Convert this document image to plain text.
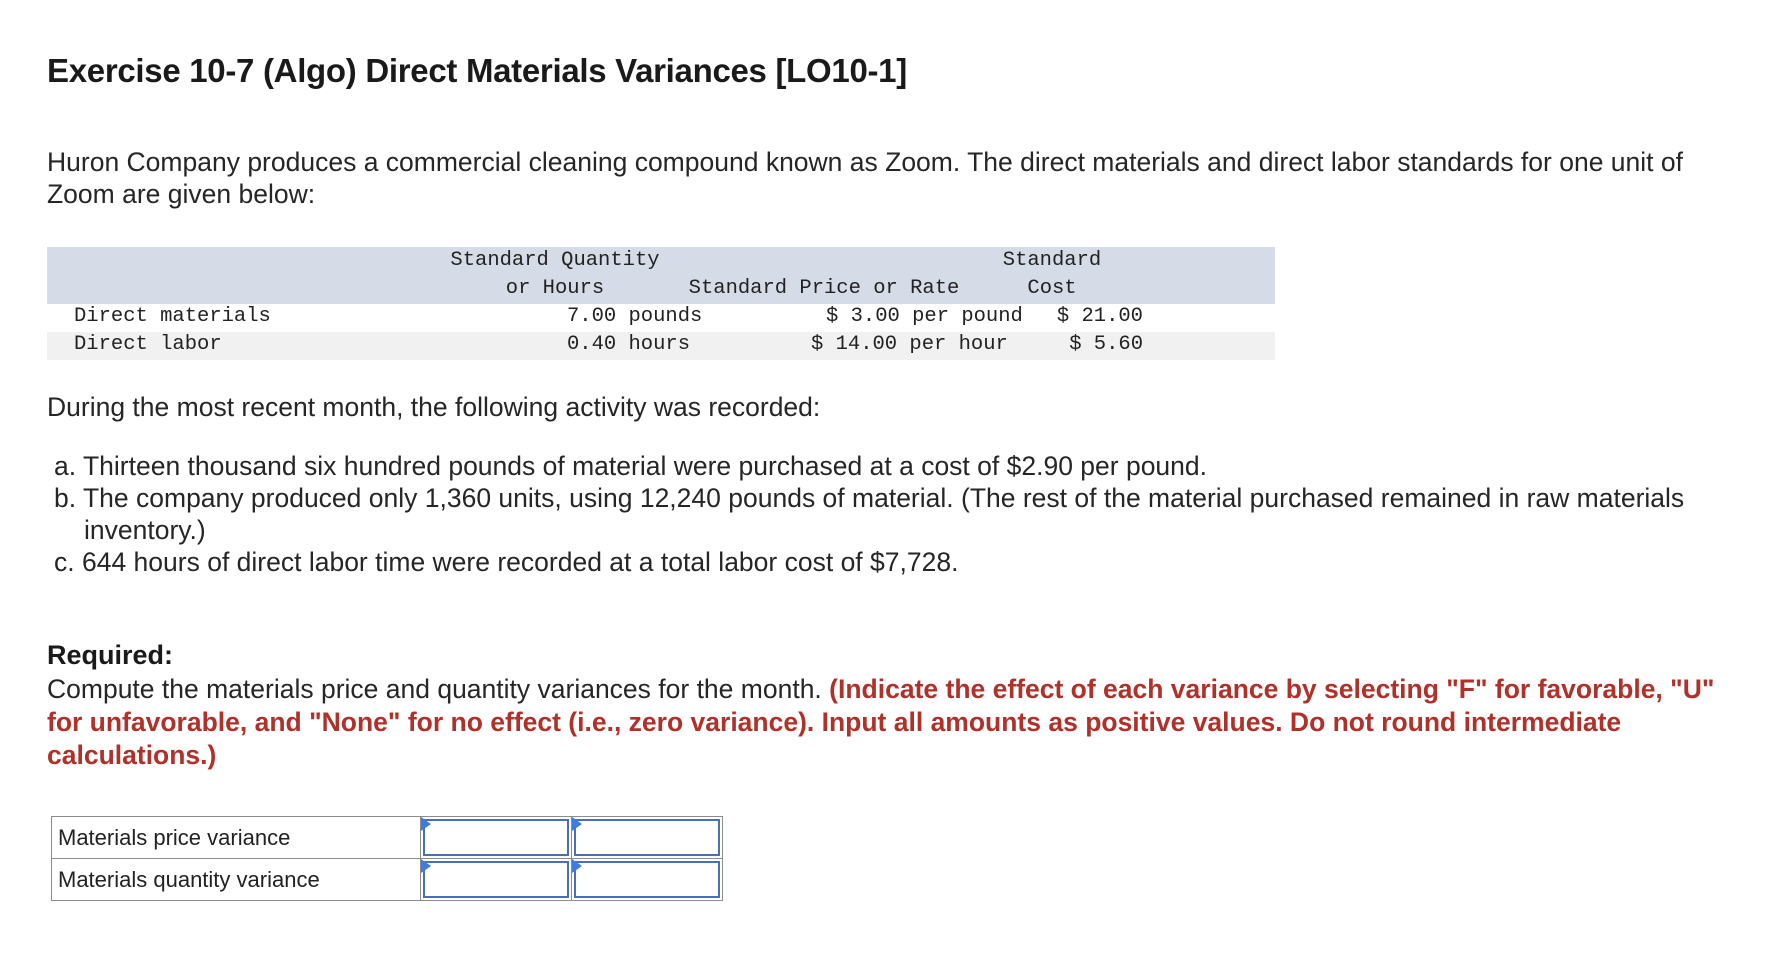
Exercise 10-7 (Algo) Direct Materials Variances [LO10-1]

Huron Company produces a commercial cleaning compound known as Zoom. The direct materials and direct labor standards for one unit of Zoom are given below:

Standard Quantity
or Hours	Standard Price or Rate
Standard
Cost
Direct materials	7.00 pounds	$ 3.00 per pound $ 21.00
Direct labor	0.40 hours	$ 14.00 per hour	$ 5.60

During the most recent month, the following activity was recorded:

a. Thirteen thousand six hundred pounds of material were purchased at a cost of $2.90 per pound.
b. The company produced only 1,360 units, using 12,240 pounds of material. (The rest of the material purchased remained in raw materials inventory.)
c. 644 hours of direct labor time were recorded at a total labor cost of $7,728.

Required:

Compute the materials price and quantity variances for the month. (Indicate the effect of each variance by selecting "F" for favorable, "U" for unfavorable, and "None" for no effect (i.e., zero variance). Input all amounts as positive values. Do not round intermediate calculations.)

Materials price variance	

Materials quantity variance	
